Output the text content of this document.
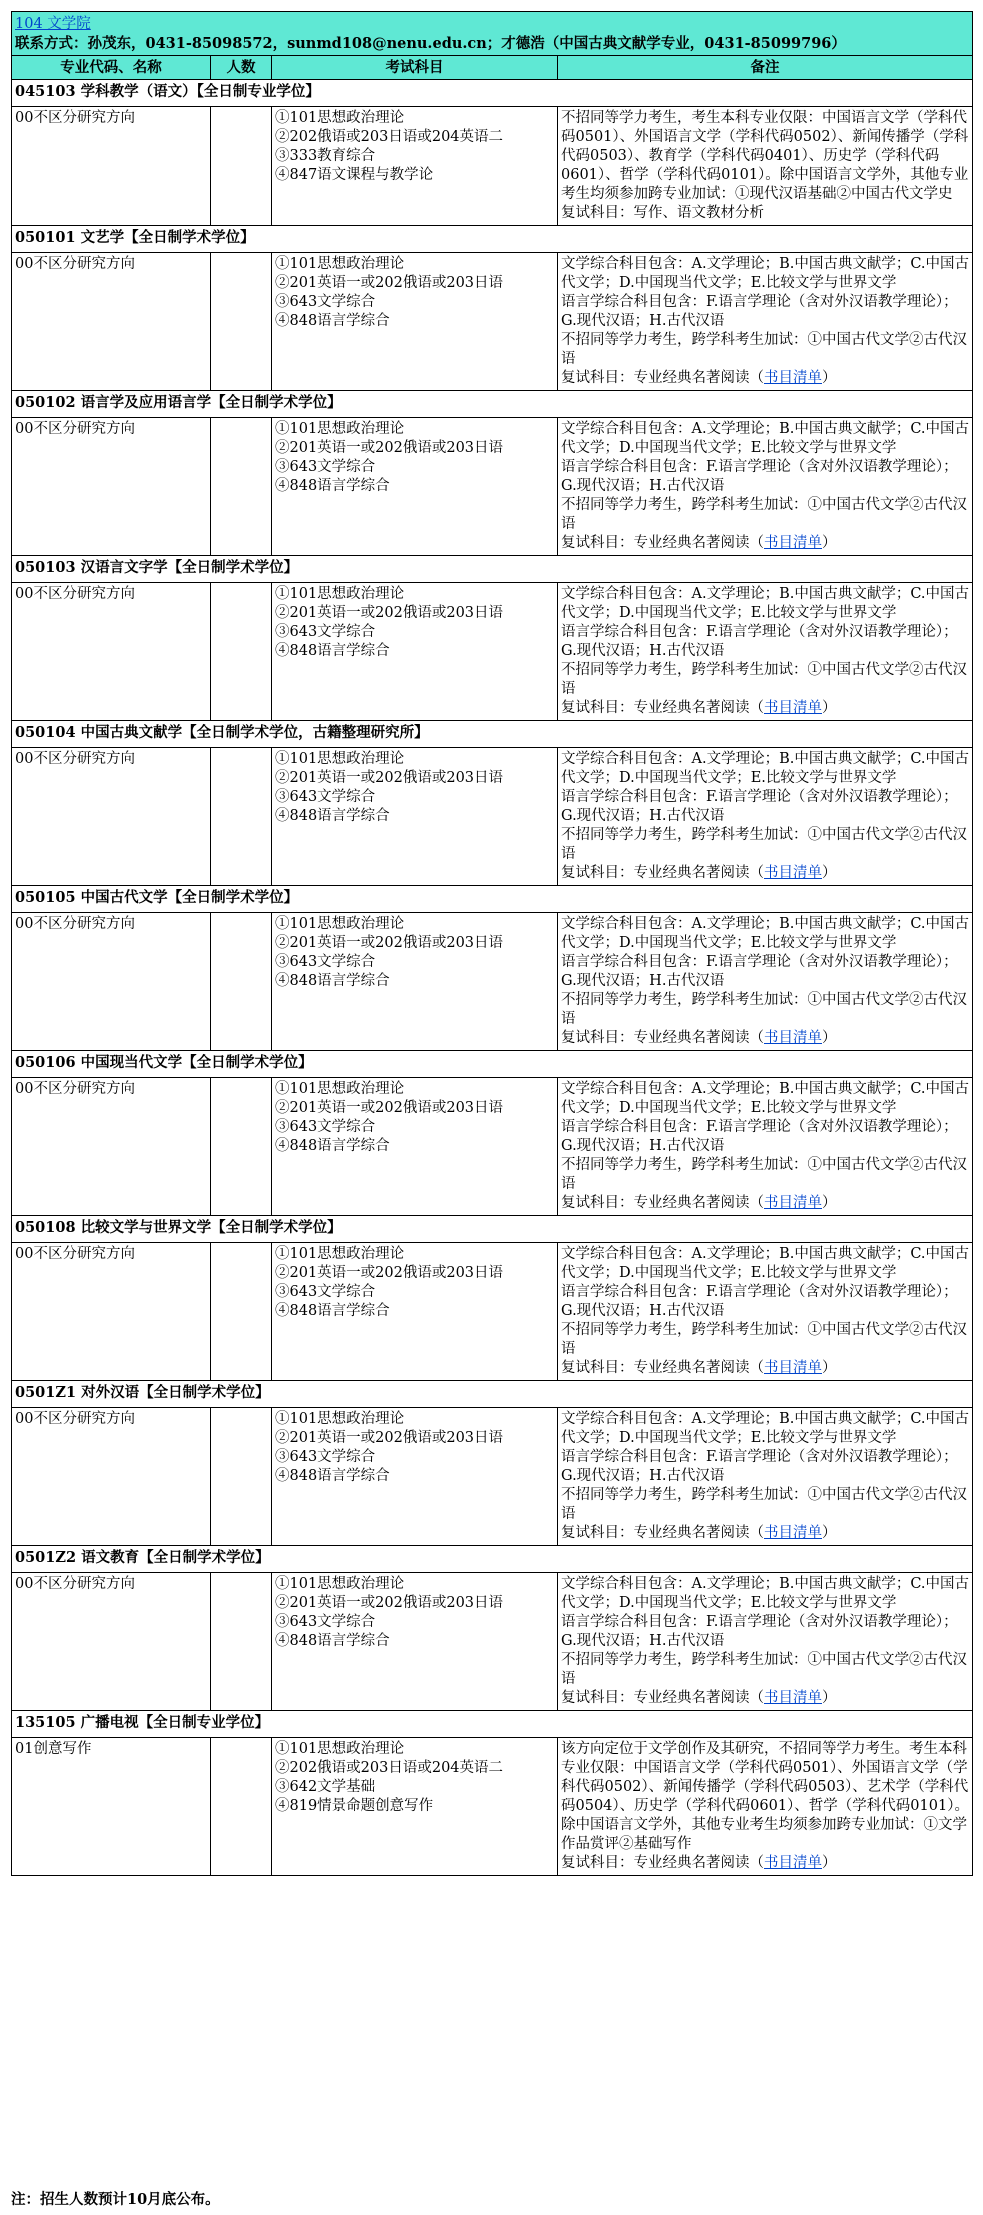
104 文学院
联系方式：孙茂东，0431-85098572，sunmd108@nenu.edu.cn；才德浩（中国古典文献学专业，0431-85099796）			
专业代码、名称	人数	考试科目	备注
045103 学科教学（语文）【全日制专业学位】			
00不区分研究方向		①101思想政治理论
②202俄语或203日语或204英语二
③333教育综合
④847语文课程与教学论	不招同等学力考生，考生本科专业仅限：中国语言文学（学科代码0501）、外国语言文学（学科代码0502）、新闻传播学（学科代码0503）、教育学（学科代码0401）、历史学（学科代码0601）、哲学（学科代码0101）。除中国语言文学外，其他专业考生均须参加跨专业加试：①现代汉语基础②中国古代文学史
复试科目：写作、语文教材分析

050101 文艺学【全日制学术学位】			
00不区分研究方向		①101思想政治理论
②201英语一或202俄语或203日语
③643文学综合
④848语言学综合	文学综合科目包含：A.文学理论；B.中国古典文献学；C.中国古代文学；D.中国现当代文学；E.比较文学与世界文学
语言学综合科目包含：F.语言学理论（含对外汉语教学理论）；G.现代汉语；H.古代汉语
不招同等学力考生，跨学科考生加试：①中国古代文学②古代汉语
复试科目：专业经典名著阅读（书目清单）

050102 语言学及应用语言学【全日制学术学位】			
00不区分研究方向		①101思想政治理论
②201英语一或202俄语或203日语
③643文学综合
④848语言学综合	文学综合科目包含：A.文学理论；B.中国古典文献学；C.中国古代文学；D.中国现当代文学；E.比较文学与世界文学
语言学综合科目包含：F.语言学理论（含对外汉语教学理论）；G.现代汉语；H.古代汉语
不招同等学力考生，跨学科考生加试：①中国古代文学②古代汉语
复试科目：专业经典名著阅读（书目清单）

050103 汉语言文字学【全日制学术学位】			
00不区分研究方向		①101思想政治理论
②201英语一或202俄语或203日语
③643文学综合
④848语言学综合	文学综合科目包含：A.文学理论；B.中国古典文献学；C.中国古代文学；D.中国现当代文学；E.比较文学与世界文学
语言学综合科目包含：F.语言学理论（含对外汉语教学理论）；G.现代汉语；H.古代汉语
不招同等学力考生，跨学科考生加试：①中国古代文学②古代汉语
复试科目：专业经典名著阅读（书目清单）

050104 中国古典文献学【全日制学术学位，古籍整理研究所】			
00不区分研究方向		①101思想政治理论
②201英语一或202俄语或203日语
③643文学综合
④848语言学综合	文学综合科目包含：A.文学理论；B.中国古典文献学；C.中国古代文学；D.中国现当代文学；E.比较文学与世界文学
语言学综合科目包含：F.语言学理论（含对外汉语教学理论）；G.现代汉语；H.古代汉语
不招同等学力考生，跨学科考生加试：①中国古代文学②古代汉语
复试科目：专业经典名著阅读（书目清单）

050105 中国古代文学【全日制学术学位】			
00不区分研究方向		①101思想政治理论
②201英语一或202俄语或203日语
③643文学综合
④848语言学综合	文学综合科目包含：A.文学理论；B.中国古典文献学；C.中国古代文学；D.中国现当代文学；E.比较文学与世界文学
语言学综合科目包含：F.语言学理论（含对外汉语教学理论）；G.现代汉语；H.古代汉语
不招同等学力考生，跨学科考生加试：①中国古代文学②古代汉语
复试科目：专业经典名著阅读（书目清单）

050106 中国现当代文学【全日制学术学位】			
00不区分研究方向		①101思想政治理论
②201英语一或202俄语或203日语
③643文学综合
④848语言学综合	文学综合科目包含：A.文学理论；B.中国古典文献学；C.中国古代文学；D.中国现当代文学；E.比较文学与世界文学
语言学综合科目包含：F.语言学理论（含对外汉语教学理论）；G.现代汉语；H.古代汉语
不招同等学力考生，跨学科考生加试：①中国古代文学②古代汉语
复试科目：专业经典名著阅读（书目清单）

050108 比较文学与世界文学【全日制学术学位】			
00不区分研究方向		①101思想政治理论
②201英语一或202俄语或203日语
③643文学综合
④848语言学综合	文学综合科目包含：A.文学理论；B.中国古典文献学；C.中国古代文学；D.中国现当代文学；E.比较文学与世界文学
语言学综合科目包含：F.语言学理论（含对外汉语教学理论）；G.现代汉语；H.古代汉语
不招同等学力考生，跨学科考生加试：①中国古代文学②古代汉语
复试科目：专业经典名著阅读（书目清单）

0501Z1 对外汉语【全日制学术学位】			
00不区分研究方向		①101思想政治理论
②201英语一或202俄语或203日语
③643文学综合
④848语言学综合	文学综合科目包含：A.文学理论；B.中国古典文献学；C.中国古代文学；D.中国现当代文学；E.比较文学与世界文学
语言学综合科目包含：F.语言学理论（含对外汉语教学理论）；G.现代汉语；H.古代汉语
不招同等学力考生，跨学科考生加试：①中国古代文学②古代汉语
复试科目：专业经典名著阅读（书目清单）

0501Z2 语文教育【全日制学术学位】			
00不区分研究方向		①101思想政治理论
②201英语一或202俄语或203日语
③643文学综合
④848语言学综合	文学综合科目包含：A.文学理论；B.中国古典文献学；C.中国古代文学；D.中国现当代文学；E.比较文学与世界文学
语言学综合科目包含：F.语言学理论（含对外汉语教学理论）；G.现代汉语；H.古代汉语
不招同等学力考生，跨学科考生加试：①中国古代文学②古代汉语
复试科目：专业经典名著阅读（书目清单）

135105 广播电视【全日制专业学位】			
01创意写作		①101思想政治理论
②202俄语或203日语或204英语二
③642文学基础
④819情景命题创意写作	该方向定位于文学创作及其研究，不招同等学力考生。考生本科专业仅限：中国语言文学（学科代码0501）、外国语言文学（学科代码0502）、新闻传播学（学科代码0503）、艺术学（学科代码0504）、历史学（学科代码0601）、哲学（学科代码0101）。除中国语言文学外，其他专业考生均须参加跨专业加试：①文学作品赏评②基础写作
复试科目：专业经典名著阅读（书目清单）
注：招生人数预计10月底公布。
